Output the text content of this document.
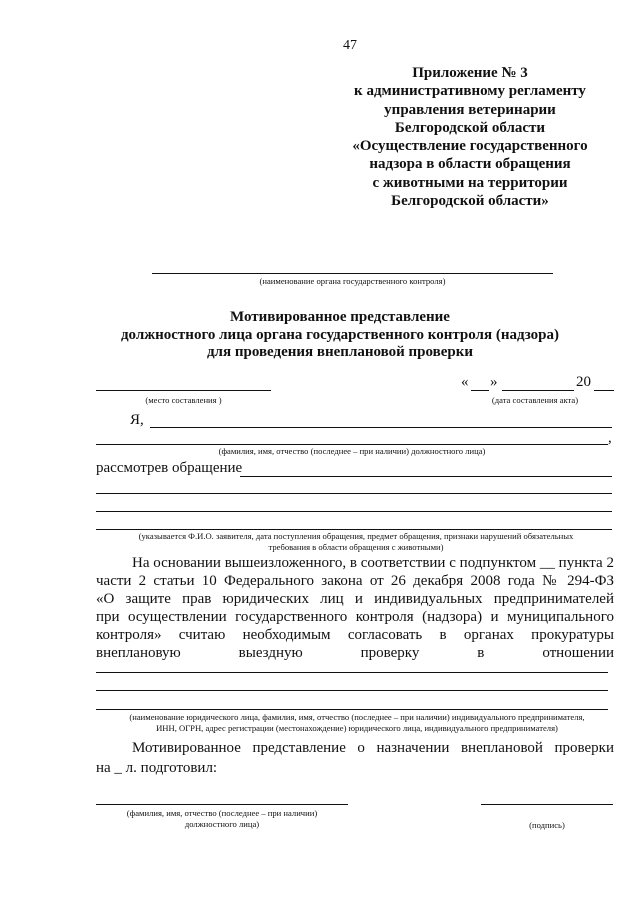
47
Приложение № 3
к административному регламенту
управления ветеринарии
Белгородской области
«Осуществление государственного
надзора в области обращения
с животными на территории
Белгородской области»
(наименование органа государственного контроля)
Мотивированное представление
должностного лица органа государственного контроля (надзора)
для проведения внеплановой проверки
« »	20
(место составления )	(дата составления акта)
Я,
,
(фамилия, имя, отчество (последнее – при наличии) должностного лица)
рассмотрев обращение
(указывается Ф.И.О. заявителя, дата поступления обращения, предмет обращения, признаки нарушений обязательных
требования в области обращения с животными)
На основании вышеизложенного, в соответствии с подпунктом __ пункта 2
части 2 статьи 10 Федерального закона от 26 декабря 2008 года № 294-ФЗ
«О защите прав юридических лиц и индивидуальных предпринимателей
при осуществлении государственного контроля (надзора) и муниципального
контроля» считаю необходимым согласовать в органах прокуратуры
внеплановую выездную проверку в отношении
(наименование юридического лица, фамилия, имя, отчество (последнее – при наличии) индивидуального предпринимателя,
ИНН, ОГРН, адрес регистрации (местонахождение) юридического лица, индивидуального предпринимателя)
Мотивированное представление о назначении внеплановой проверки
на _ л. подготовил:
(фамилия, имя, отчество (последнее – при наличии)
должностного лица)	(подпись)
